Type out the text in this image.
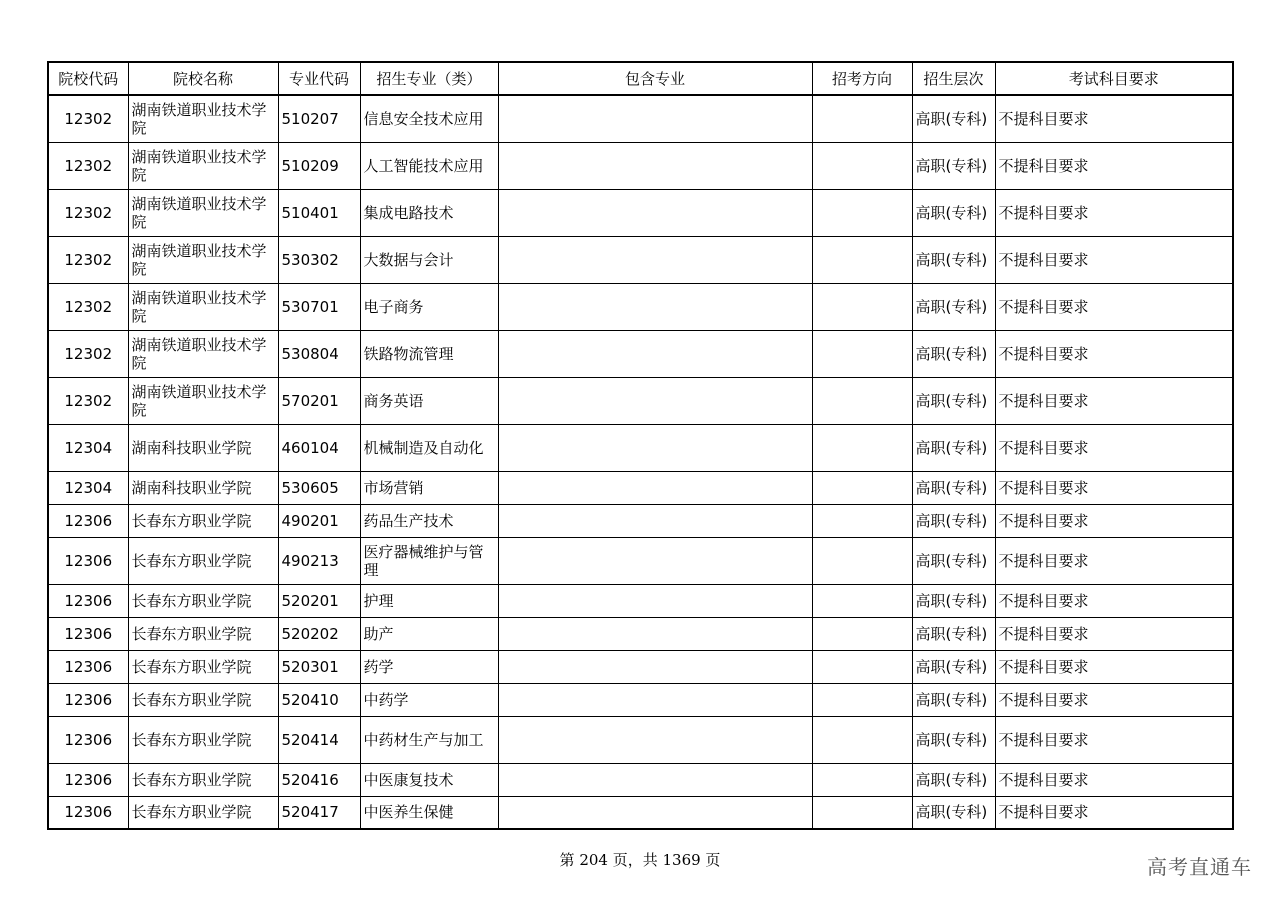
院校代码	院校名称	专业代码	招生专业（类）	包含专业	招考方向	招生层次	考试科目要求
12302	湖南铁道职业技术学院	510207	信息安全技术应用			高职(专科)	不提科目要求
12302	湖南铁道职业技术学院	510209	人工智能技术应用			高职(专科)	不提科目要求
12302	湖南铁道职业技术学院	510401	集成电路技术			高职(专科)	不提科目要求
12302	湖南铁道职业技术学院	530302	大数据与会计			高职(专科)	不提科目要求
12302	湖南铁道职业技术学院	530701	电子商务			高职(专科)	不提科目要求
12302	湖南铁道职业技术学院	530804	铁路物流管理			高职(专科)	不提科目要求
12302	湖南铁道职业技术学院	570201	商务英语			高职(专科)	不提科目要求
12304	湖南科技职业学院	460104	机械制造及自动化			高职(专科)	不提科目要求
12304	湖南科技职业学院	530605	市场营销			高职(专科)	不提科目要求
12306	长春东方职业学院	490201	药品生产技术			高职(专科)	不提科目要求
12306	长春东方职业学院	490213	医疗器械维护与管理			高职(专科)	不提科目要求
12306	长春东方职业学院	520201	护理			高职(专科)	不提科目要求
12306	长春东方职业学院	520202	助产			高职(专科)	不提科目要求
12306	长春东方职业学院	520301	药学			高职(专科)	不提科目要求
12306	长春东方职业学院	520410	中药学			高职(专科)	不提科目要求
12306	长春东方职业学院	520414	中药材生产与加工			高职(专科)	不提科目要求
12306	长春东方职业学院	520416	中医康复技术			高职(专科)	不提科目要求
12306	长春东方职业学院	520417	中医养生保健			高职(专科)	不提科目要求
第 204 页，共 1369 页	高考直通车
